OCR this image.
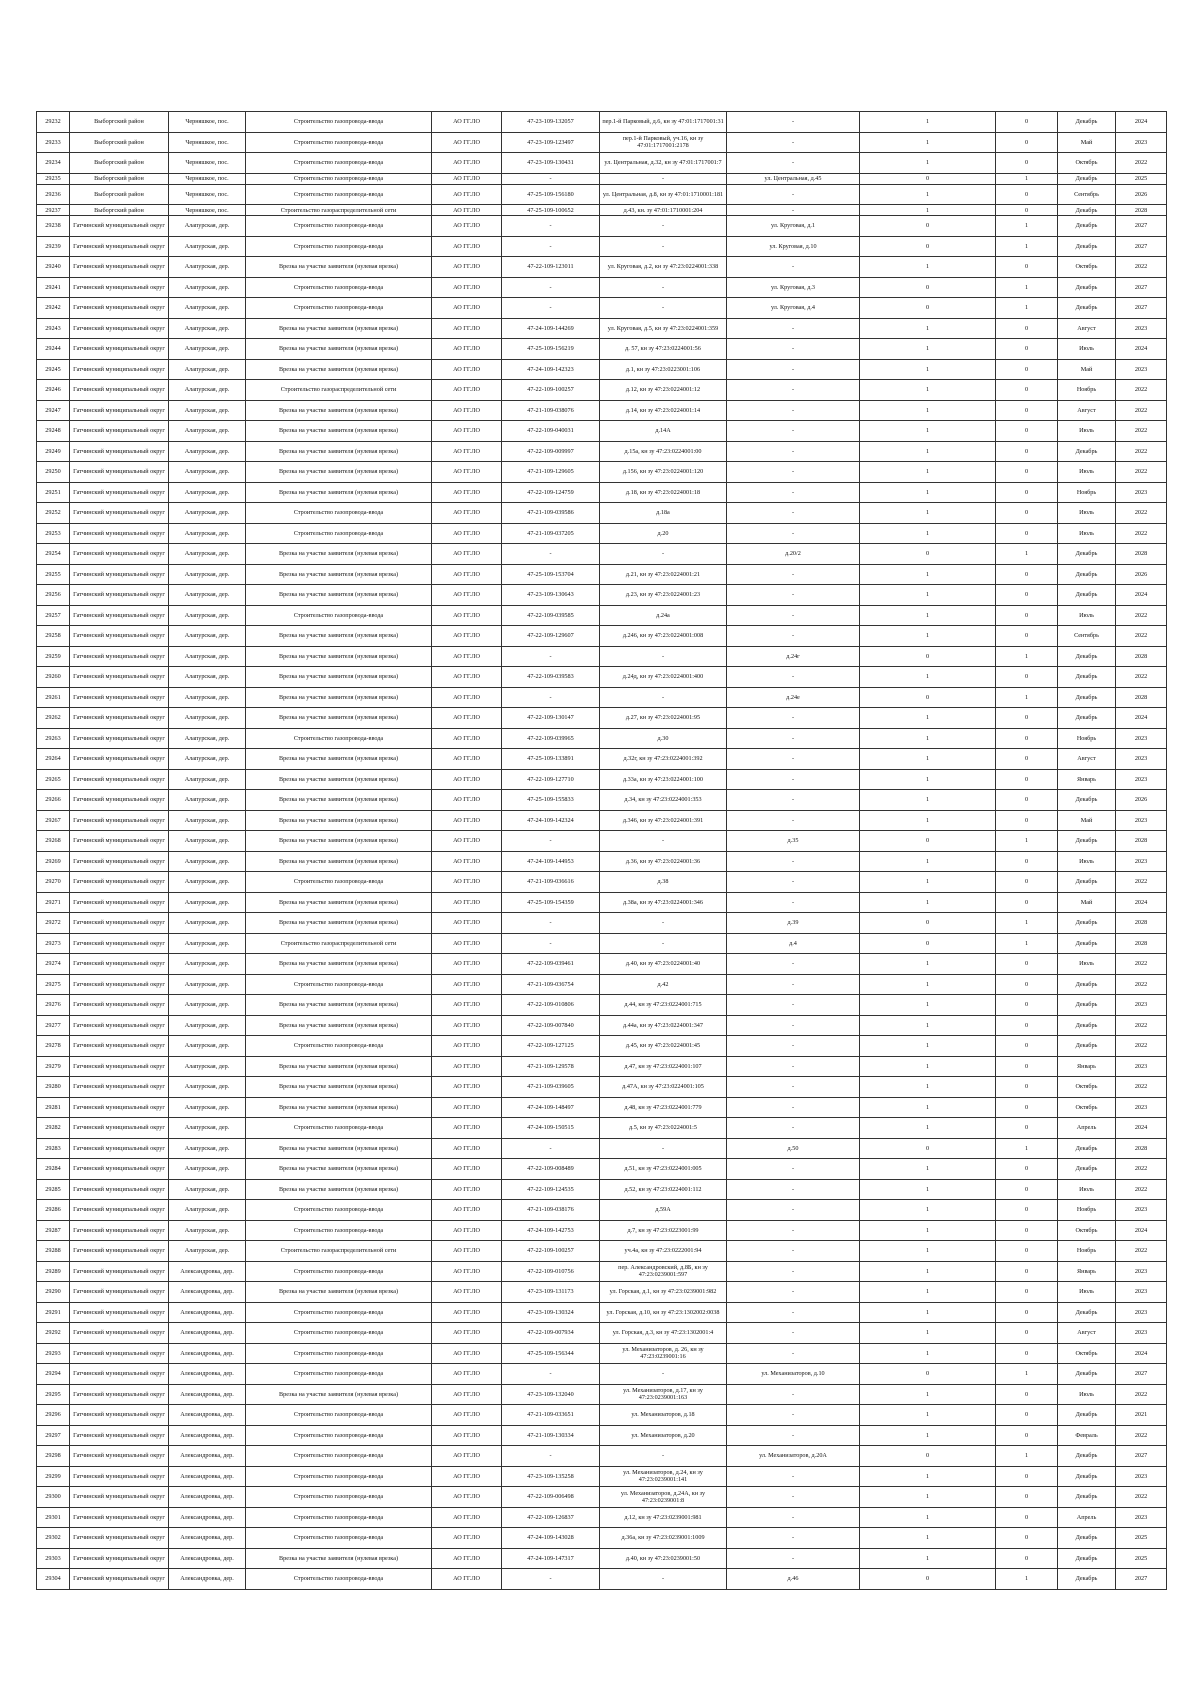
29232	Выборгский район	Черняшкое, пос.	Строительство газопровода-ввода	АО ГГ.ЛО	47-23-109-132057	пер.1-й Парковый, д.6, кн зу 47:01:1717001:31	-	1	0	Декабрь	2024
29233	Выборгский район	Черняшкое, пос.	Строительство газопровода-ввода	АО ГГ.ЛО	47-23-109-123497	пер.1-й Парковый, уч.16, кн зу 47:01:1717001:2178	-	1	0	Май	2023
29234	Выборгский район	Черняшкое, пос.	Строительство газопровода-ввода	АО ГГ.ЛО	47-23-109-130431	ул. Центральная, д.32, кн зу 47:01:1717001:7	-	1	0	Октябрь	2022
29235	Выборгский район	Черняшкое, пос.	Строительство газопровода-ввода	АО ГГ.ЛО	-	-	ул. Центральная, д.45	0	1	Декабрь	2025
29236	Выборгский район	Черняшкое, пос.	Строительство газопровода-ввода	АО ГГ.ЛО	47-25-109-156180	ул. Центральная, д.8, кн зу 47:01:1710001:181	-	1	0	Сентябрь	2026
29237	Выборгский район	Черняшкое, пос.	Строительство газораспределительной сети	АО ГГ.ЛО	47-25-109-100652	д.43, кн. зу 47:01:1710001:204	-	1	0	Декабрь	2028
29238	Гатчинский муниципальный округ	Алапурская, дер.	Строительство газопровода-ввода	АО ГГ.ЛО	-	-	ул. Круговая, д.1	0	1	Декабрь	2027
29239	Гатчинский муниципальный округ	Алапурская, дер.	Строительство газопровода-ввода	АО ГГ.ЛО	-	-	ул. Круговая, д.10	0	1	Декабрь	2027
29240	Гатчинский муниципальный округ	Алапурская, дер.	Врезка на участке заявителя (нулевая врезка)	АО ГГ.ЛО	47-22-109-123011	ул. Круговая, д.2, кн зу 47:23:0224001:338	-	1	0	Октябрь	2022
29241	Гатчинский муниципальный округ	Алапурская, дер.	Строительство газопровода-ввода	АО ГГ.ЛО	-	-	ул. Круговая, д.3	0	1	Декабрь	2027
29242	Гатчинский муниципальный округ	Алапурская, дер.	Строительство газопровода-ввода	АО ГГ.ЛО	-	-	ул. Круговая, д.4	0	1	Декабрь	2027
29243	Гатчинский муниципальный округ	Алапурская, дер.	Врезка на участке заявителя (нулевая врезка)	АО ГГ.ЛО	47-24-109-144269	ул. Круговая, д.5, кн зу 47:23:0224001:359	-	1	0	Август	2023
29244	Гатчинский муниципальный округ	Алапурская, дер.	Врезка на участке заявителя (нулевая врезка)	АО ГГ.ЛО	47-25-109-156219	д. 57, кн зу 47:23:0224001:56	-	1	0	Июль	2024
29245	Гатчинский муниципальный округ	Алапурская, дер.	Врезка на участке заявителя (нулевая врезка)	АО ГГ.ЛО	47-24-109-142323	д.1, кн зу 47:23:0223001:106	-	1	0	Май	2023
29246	Гатчинский муниципальный округ	Алапурская, дер.	Строительство газораспределительной сети	АО ГГ.ЛО	47-22-109-100257	д.12, кн зу 47:23:0224001:12	-	1	0	Ноябрь	2022
29247	Гатчинский муниципальный округ	Алапурская, дер.	Врезка на участке заявителя (нулевая врезка)	АО ГГ.ЛО	47-21-109-038076	д.14, кн зу 47:23:0224001:14	-	1	0	Август	2022
29248	Гатчинский муниципальный округ	Алапурская, дер.	Врезка на участке заявителя (нулевая врезка)	АО ГГ.ЛО	47-22-109-040031	д.14А	-	1	0	Июль	2022
29249	Гатчинский муниципальный округ	Алапурская, дер.	Врезка на участке заявителя (нулевая врезка)	АО ГГ.ЛО	47-22-109-009997	д.15а, кн зу 47:23:0224001:00	-	1	0	Декабрь	2022
29250	Гатчинский муниципальный округ	Алапурская, дер.	Врезка на участке заявителя (нулевая врезка)	АО ГГ.ЛО	47-21-109-129605	д.156, кн зу 47:23:0224001:120	-	1	0	Июль	2022
29251	Гатчинский муниципальный округ	Алапурская, дер.	Врезка на участке заявителя (нулевая врезка)	АО ГГ.ЛО	47-22-109-124759	д.18, кн зу 47:23:0224001:18	-	1	0	Ноябрь	2023
29252	Гатчинский муниципальный округ	Алапурская, дер.	Строительство газопровода-ввода	АО ГГ.ЛО	47-21-109-039586	д.18а	-	1	0	Июль	2022
29253	Гатчинский муниципальный округ	Алапурская, дер.	Строительство газопровода-ввода	АО ГГ.ЛО	47-21-109-037205	д.20	-	1	0	Июль	2022
29254	Гатчинский муниципальный округ	Алапурская, дер.	Врезка на участке заявителя (нулевая врезка)	АО ГГ.ЛО	-	-	д.20/2	0	1	Декабрь	2028
29255	Гатчинский муниципальный округ	Алапурская, дер.	Врезка на участке заявителя (нулевая врезка)	АО ГГ.ЛО	47-25-109-153704	д.21, кн зу 47:23:0224001:21	-	1	0	Декабрь	2026
29256	Гатчинский муниципальный округ	Алапурская, дер.	Врезка на участке заявителя (нулевая врезка)	АО ГГ.ЛО	47-23-109-130643	д.23, кн зу 47:23:0224001:23	-	1	0	Декабрь	2024
29257	Гатчинский муниципальный округ	Алапурская, дер.	Строительство газопровода-ввода	АО ГГ.ЛО	47-22-109-039585	д.24а	-	1	0	Июль	2022
29258	Гатчинский муниципальный округ	Алапурская, дер.	Врезка на участке заявителя (нулевая врезка)	АО ГГ.ЛО	47-22-109-129607	д.246, кн зу 47:23:0224001:008	-	1	0	Сентябрь	2022
29259	Гатчинский муниципальный округ	Алапурская, дер.	Врезка на участке заявителя (нулевая врезка)	АО ГГ.ЛО	-	-	д.24г	0	1	Декабрь	2028
29260	Гатчинский муниципальный округ	Алапурская, дер.	Врезка на участке заявителя (нулевая врезка)	АО ГГ.ЛО	47-22-109-039583	д.24д, кн зу 47:23:0224001:400	-	1	0	Декабрь	2022
29261	Гатчинский муниципальный округ	Алапурская, дер.	Врезка на участке заявителя (нулевая врезка)	АО ГГ.ЛО	-	-	д.24е	0	1	Декабрь	2028
29262	Гатчинский муниципальный округ	Алапурская, дер.	Врезка на участке заявителя (нулевая врезка)	АО ГГ.ЛО	47-22-109-130147	д.27, кн зу 47:23:0224001:95	-	1	0	Декабрь	2024
29263	Гатчинский муниципальный округ	Алапурская, дер.	Строительство газопровода-ввода	АО ГГ.ЛО	47-22-109-039965	д.30	-	1	0	Ноябрь	2023
29264	Гатчинский муниципальный округ	Алапурская, дер.	Врезка на участке заявителя (нулевая врезка)	АО ГГ.ЛО	47-25-109-133891	д.32г, кн зу 47:23:0224001:392	-	1	0	Август	2023
29265	Гатчинский муниципальный округ	Алапурская, дер.	Врезка на участке заявителя (нулевая врезка)	АО ГГ.ЛО	47-22-109-127710	д.33а, кн зу 47:23:0224001:100	-	1	0	Январь	2023
29266	Гатчинский муниципальный округ	Алапурская, дер.	Врезка на участке заявителя (нулевая врезка)	АО ГГ.ЛО	47-25-109-155833	д.34, кн зу 47:23:0224001:353	-	1	0	Декабрь	2026
29267	Гатчинский муниципальный округ	Алапурская, дер.	Врезка на участке заявителя (нулевая врезка)	АО ГГ.ЛО	47-24-109-142324	д.346, кн зу 47:23:0224001:391	-	1	0	Май	2023
29268	Гатчинский муниципальный округ	Алапурская, дер.	Врезка на участке заявителя (нулевая врезка)	АО ГГ.ЛО	-	-	д.35	0	1	Декабрь	2028
29269	Гатчинский муниципальный округ	Алапурская, дер.	Врезка на участке заявителя (нулевая врезка)	АО ГГ.ЛО	47-24-109-144953	д.36, кн зу 47:23:0224001:36	-	1	0	Июль	2023
29270	Гатчинский муниципальный округ	Алапурская, дер.	Строительство газопровода-ввода	АО ГГ.ЛО	47-21-109-036616	д.38	-	1	0	Декабрь	2022
29271	Гатчинский муниципальный округ	Алапурская, дер.	Врезка на участке заявителя (нулевая врезка)	АО ГГ.ЛО	47-25-109-154359	д.38а, кн зу 47:23:0224001:346	-	1	0	Май	2024
29272	Гатчинский муниципальный округ	Алапурская, дер.	Врезка на участке заявителя (нулевая врезка)	АО ГГ.ЛО	-	-	д.39	0	1	Декабрь	2028
29273	Гатчинский муниципальный округ	Алапурская, дер.	Строительство газораспределительной сети	АО ГГ.ЛО	-	-	д.4	0	1	Декабрь	2028
29274	Гатчинский муниципальный округ	Алапурская, дер.	Врезка на участке заявителя (нулевая врезка)	АО ГГ.ЛО	47-22-109-039461	д.40, кн зу 47:23:0224001:40	-	1	0	Июль	2022
29275	Гатчинский муниципальный округ	Алапурская, дер.	Строительство газопровода-ввода	АО ГГ.ЛО	47-21-109-036754	д.42	-	1	0	Декабрь	2022
29276	Гатчинский муниципальный округ	Алапурская, дер.	Врезка на участке заявителя (нулевая врезка)	АО ГГ.ЛО	47-22-109-010806	д.44, кн зу 47:23:0224001:715	-	1	0	Декабрь	2023
29277	Гатчинский муниципальный округ	Алапурская, дер.	Врезка на участке заявителя (нулевая врезка)	АО ГГ.ЛО	47-22-109-007840	д.44а, кн зу 47:23:0224001:347	-	1	0	Декабрь	2022
29278	Гатчинский муниципальный округ	Алапурская, дер.	Строительство газопровода-ввода	АО ГГ.ЛО	47-22-109-127125	д.45, кн зу 47:23:0224001:45	-	1	0	Декабрь	2022
29279	Гатчинский муниципальный округ	Алапурская, дер.	Врезка на участке заявителя (нулевая врезка)	АО ГГ.ЛО	47-21-109-129578	д.47, кн зу 47:23:0224001:107	-	1	0	Январь	2023
29280	Гатчинский муниципальный округ	Алапурская, дер.	Врезка на участке заявителя (нулевая врезка)	АО ГГ.ЛО	47-21-109-039605	д.47А, кн зу 47:23:0224001:105	-	1	0	Октябрь	2022
29281	Гатчинский муниципальный округ	Алапурская, дер.	Врезка на участке заявителя (нулевая врезка)	АО ГГ.ЛО	47-24-109-148497	д.48, кн зу 47:23:0224001:779	-	1	0	Октябрь	2023
29282	Гатчинский муниципальный округ	Алапурская, дер.	Строительство газопровода-ввода	АО ГГ.ЛО	47-24-109-150515	д.5, кн зу 47:23:0224001:5	-	1	0	Апрель	2024
29283	Гатчинский муниципальный округ	Алапурская, дер.	Врезка на участке заявителя (нулевая врезка)	АО ГГ.ЛО	-	-	д.50	0	1	Декабрь	2028
29284	Гатчинский муниципальный округ	Алапурская, дер.	Врезка на участке заявителя (нулевая врезка)	АО ГГ.ЛО	47-22-109-008489	д.51, кн зу 47:23:0224001:005	-	1	0	Декабрь	2022
29285	Гатчинский муниципальный округ	Алапурская, дер.	Врезка на участке заявителя (нулевая врезка)	АО ГГ.ЛО	47-22-109-124535	д.52, кн зу 47:23:0224001:112	-	1	0	Июль	2022
29286	Гатчинский муниципальный округ	Алапурская, дер.	Строительство газопровода-ввода	АО ГГ.ЛО	47-21-109-038176	д.59А	-	1	0	Ноябрь	2023
29287	Гатчинский муниципальный округ	Алапурская, дер.	Строительство газопровода-ввода	АО ГГ.ЛО	47-24-109-142753	д.7, кн зу 47:23:0223001:99	-	1	0	Октябрь	2024
29288	Гатчинский муниципальный округ	Алапурская, дер.	Строительство газораспределительной сети	АО ГГ.ЛО	47-22-109-100257	уч.4а, кн зу 47:23:0222001:94	-	1	0	Ноябрь	2022
29289	Гатчинский муниципальный округ	Александровка, дер.	Строительство газопровода-ввода	АО ГГ.ЛО	47-22-109-010756	пер. Александровский, д.8Б, кн зу 47:23:0239001:597	-	1	0	Январь	2023
29290	Гатчинский муниципальный округ	Александровка, дер.	Врезка на участке заявителя (нулевая врезка)	АО ГГ.ЛО	47-23-109-131173	ул. Горская, д.1, кн зу 47:23:0239001:982	-	1	0	Июль	2023
29291	Гатчинский муниципальный округ	Александровка, дер.	Строительство газопровода-ввода	АО ГГ.ЛО	47-23-109-130324	ул. Горская, д.10, кн зу 47:23:1302002:0038	-	1	0	Декабрь	2023
29292	Гатчинский муниципальный округ	Александровка, дер.	Строительство газопровода-ввода	АО ГГ.ЛО	47-22-109-007934	ул. Горская, д.3, кн зу 47:23:1302001:4	-	1	0	Август	2023
29293	Гатчинский муниципальный округ	Александровка, дер.	Строительство газопровода-ввода	АО ГГ.ЛО	47-25-109-156344	ул. Механизаторов, д. 26, кн зу 47:23:0239001:16	-	1	0	Октябрь	2024
29294	Гатчинский муниципальный округ	Александровка, дер.	Строительство газопровода-ввода	АО ГГ.ЛО	-	-	ул. Механизаторов, д.10	0	1	Декабрь	2027
29295	Гатчинский муниципальный округ	Александровка, дер.	Врезка на участке заявителя (нулевая врезка)	АО ГГ.ЛО	47-23-109-132040	ул. Механизаторов, д.17, кн зу 47:23:0239001:163	-	1	0	Июль	2022
29296	Гатчинский муниципальный округ	Александровка, дер.	Строительство газопровода-ввода	АО ГГ.ЛО	47-21-109-033651	ул. Механизаторов, д.18	-	1	0	Декабрь	2021
29297	Гатчинский муниципальный округ	Александровка, дер.	Строительство газопровода-ввода	АО ГГ.ЛО	47-21-109-130334	ул. Механизаторов, д.20	-	1	0	Февраль	2022
29298	Гатчинский муниципальный округ	Александровка, дер.	Строительство газопровода-ввода	АО ГГ.ЛО	-	-	ул. Механизаторов, д.20А	0	1	Декабрь	2027
29299	Гатчинский муниципальный округ	Александровка, дер.	Строительство газопровода-ввода	АО ГГ.ЛО	47-23-109-135258	ул. Механизаторов, д.24, кн зу 47:23:0239001:141	-	1	0	Декабрь	2023
29300	Гатчинский муниципальный округ	Александровка, дер.	Строительство газопровода-ввода	АО ГГ.ЛО	47-22-109-006498	ул. Механизаторов, д.24А, кн зу 47:23:0239001:8	-	1	0	Декабрь	2022
29301	Гатчинский муниципальный округ	Александровка, дер.	Строительство газопровода-ввода	АО ГГ.ЛО	47-22-109-126837	д.12, кн зу 47:23:0239001:981	-	1	0	Апрель	2023
29302	Гатчинский муниципальный округ	Александровка, дер.	Строительство газопровода-ввода	АО ГГ.ЛО	47-24-109-143028	д.36а, кн зу 47:23:0239001:1009	-	1	0	Декабрь	2025
29303	Гатчинский муниципальный округ	Александровка, дер.	Врезка на участке заявителя (нулевая врезка)	АО ГГ.ЛО	47-24-109-147317	д.40, кн зу 47:23:0239001:50	-	1	0	Декабрь	2025
29304	Гатчинский муниципальный округ	Александровка, дер.	Строительство газопровода-ввода	АО ГГ.ЛО	-	-	д.46	0	1	Декабрь	2027
